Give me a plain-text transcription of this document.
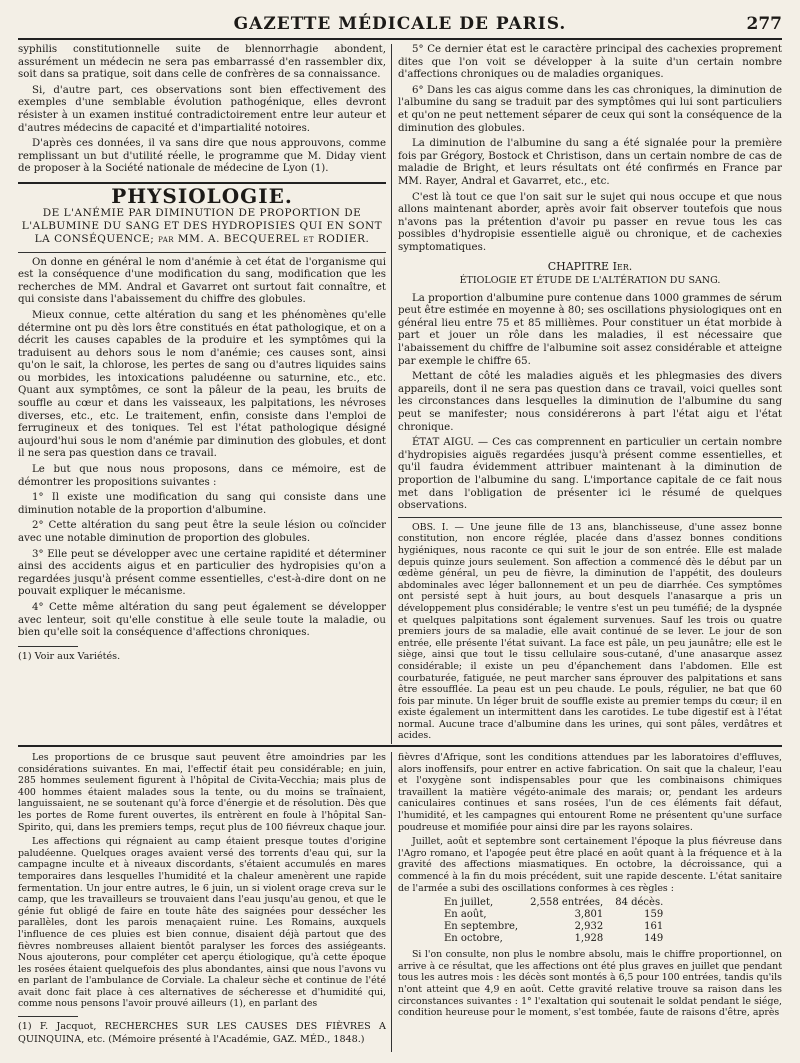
GAZETTE MÉDICALE DE PARIS.	277

syphilis constitutionnelle suite de blennorrhagie abondent, assurément un médecin ne sera pas embarrassé d'en rassembler dix, soit dans sa pratique, soit dans celle de confrères de sa connaissance.

Si, d'autre part, ces observations sont bien effectivement des exemples d'une semblable évolution pathogénique, elles devront résister à un examen institué contradictoirement entre leur auteur et d'autres médecins de capacité et d'impartialité notoires.

D'après ces données, il va sans dire que nous approuvons, comme remplissant un but d'utilité réelle, le programme que M. Diday vient de proposer à la Société nationale de médecine de Lyon (1).

PHYSIOLOGIE.
DE L'ANÉMIE PAR DIMINUTION DE PROPORTION DE L'ALBUMINE DU SANG ET DES HYDROPISIES QUI EN SONT LA CONSÉQUENCE; par MM. A. BECQUEREL et RODIER.

On donne en général le nom d'anémie à cet état de l'organisme qui est la conséquence d'une modification du sang, modification que les recherches de MM. Andral et Gavarret ont surtout fait connaître, et qui consiste dans l'abaissement du chiffre des globules.

Mieux connue, cette altération du sang et les phénomènes qu'elle détermine ont pu dès lors être constitués en état pathologique, et on a décrit les causes capables de la produire et les symptômes qui la traduisent au dehors sous le nom d'anémie; ces causes sont, ainsi qu'on le sait, la chlorose, les pertes de sang ou d'autres liquides sains ou morbides, les intoxications paludéenne ou saturnine, etc., etc. Quant aux symptômes, ce sont la pâleur de la peau, les bruits de souffle au cœur et dans les vaisseaux, les palpitations, les névroses diverses, etc., etc. Le traitement, enfin, consiste dans l'emploi de ferrugineux et des toniques. Tel est l'état pathologique désigné aujourd'hui sous le nom d'anémie par diminution des globules, et dont il ne sera pas question dans ce travail.

Le but que nous nous proposons, dans ce mémoire, est de démontrer les propositions suivantes :

1° Il existe une modification du sang qui consiste dans une diminution notable de la proportion d'albumine.

2° Cette altération du sang peut être la seule lésion ou coïncider avec une notable diminution de proportion des globules.

3° Elle peut se développer avec une certaine rapidité et déterminer ainsi des accidents aigus et en particulier des hydropisies qu'on a regardées jusqu'à présent comme essentielles, c'est-à-dire dont on ne pouvait expliquer le mécanisme.

4° Cette même altération du sang peut également se développer avec lenteur, soit qu'elle constitue à elle seule toute la maladie, ou bien qu'elle soit la conséquence d'affections chroniques.

(1) Voir aux Variétés.

5° Ce dernier état est le caractère principal des cachexies proprement dites que l'on voit se développer à la suite d'un certain nombre d'affections chroniques ou de maladies organiques.

6° Dans les cas aigus comme dans les cas chroniques, la diminution de l'albumine du sang se traduit par des symptômes qui lui sont particuliers et qu'on ne peut nettement séparer de ceux qui sont la conséquence de la diminution des globules.

La diminution de l'albumine du sang a été signalée pour la première fois par Grégory, Bostock et Christison, dans un certain nombre de cas de maladie de Bright, et leurs résultats ont été confirmés en France par MM. Rayer, Andral et Gavarret, etc., etc.

C'est là tout ce que l'on sait sur le sujet qui nous occupe et que nous allons maintenant aborder, après avoir fait observer toutefois que nous n'avons pas la prétention d'avoir pu passer en revue tous les cas possibles d'hydropisie essentielle aiguë ou chronique, et de cachexies symptomatiques.

CHAPITRE Ier.
ÉTIOLOGIE ET ÉTUDE DE L'ALTÉRATION DU SANG.

La proportion d'albumine pure contenue dans 1000 grammes de sérum peut être estimée en moyenne à 80; ses oscillations physiologiques ont en général lieu entre 75 et 85 millièmes. Pour constituer un état morbide à part et jouer un rôle dans les maladies, il est nécessaire que l'abaissement du chiffre de l'albumine soit assez considérable et atteigne par exemple le chiffre 65.

Mettant de côté les maladies aiguës et les phlegmasies des divers appareils, dont il ne sera pas question dans ce travail, voici quelles sont les circonstances dans lesquelles la diminution de l'albumine du sang peut se manifester; nous considérerons à part l'état aigu et l'état chronique.

ÉTAT AIGU. — Ces cas comprennent en particulier un certain nombre d'hydropisies aiguës regardées jusqu'à présent comme essentielles, et qu'il faudra évidemment attribuer maintenant à la diminution de proportion de l'albumine du sang. L'importance capitale de ce fait nous met dans l'obligation de présenter ici le résumé de quelques observations.

OBS. I. — Une jeune fille de 13 ans, blanchisseuse, d'une assez bonne constitution, non encore réglée, placée dans d'assez bonnes conditions hygiéniques, nous raconte ce qui suit le jour de son entrée. Elle est malade depuis quinze jours seulement. Son affection a commencé dès le début par un œdème général, un peu de fièvre, la diminution de l'appétit, des douleurs abdominales avec léger ballonnement et un peu de diarrhée. Ces symptômes ont persisté sept à huit jours, au bout desquels l'anasarque a pris un développement plus considérable; le ventre s'est un peu tuméfié; de la dyspnée et quelques palpitations sont également survenues. Sauf les trois ou quatre premiers jours de sa maladie, elle avait continué de se lever. Le jour de son entrée, elle présente l'état suivant. La face est pâle, un peu jaunâtre; elle est le siège, ainsi que tout le tissu cellulaire sous-cutané, d'une anasarque assez considérable; il existe un peu d'épanchement dans l'abdomen. Elle est courbaturée, fatiguée, ne peut marcher sans éprouver des palpitations et sans être essoufflée. La peau est un peu chaude. Le pouls, régulier, ne bat que 60 fois par minute. Un léger bruit de souffle existe au premier temps du cœur; il en existe également un intermittent dans les carotides. Le tube digestif est à l'état normal. Aucune trace d'albumine dans les urines, qui sont pâles, verdâtres et acides.

Les proportions de ce brusque saut peuvent être amoindries par les considérations suivantes. En mai, l'effectif était peu considérable; en juin, 285 hommes seulement figurent à l'hôpital de Civita-Vecchia; mais plus de 400 hommes étaient malades sous la tente, ou du moins se traînaient, languissaient, ne se soutenant qu'à force d'énergie et de résolution. Dès que les portes de Rome furent ouvertes, ils entrèrent en foule à l'hôpital San-Spirito, qui, dans les premiers temps, reçut plus de 100 fiévreux chaque jour.

Les affections qui régnaient au camp étaient presque toutes d'origine paludéenne. Quelques orages avaient versé des torrents d'eau qui, sur la campagne inculte et à niveaux discordants, s'étaient accumulés en mares temporaires dans lesquelles l'humidité et la chaleur amenèrent une rapide fermentation. Un jour entre autres, le 6 juin, un si violent orage creva sur le camp, que les travailleurs se trouvaient dans l'eau jusqu'au genou, et que le génie fut obligé de faire en toute hâte des saignées pour dessécher les parallèles, dont les parois menaçaient ruine. Les Romains, auxquels l'influence de ces pluies est bien connue, disaient déjà partout que des fièvres nombreuses allaient bientôt paralyser les forces des assiégeants. Nous ajouterons, pour compléter cet aperçu étiologique, qu'à cette époque les rosées étaient quelquefois des plus abondantes, ainsi que nous l'avons vu en parlant de l'ambulance de Corviale. La chaleur sèche et continue de l'été avait donc fait place à ces alternatives de sécheresse et d'humidité qui, comme nous pensons l'avoir prouvé ailleurs (1), en parlant des

(1) F. Jacquot, RECHERCHES SUR LES CAUSES DES FIÈVRES A QUINQUINA, etc. (Mémoire présenté à l'Académie, GAZ. MÉD., 1848.)

fièvres d'Afrique, sont les conditions attendues par les laboratoires d'effluves, alors inoffensifs, pour entrer en active fabrication. On sait que la chaleur, l'eau et l'oxygène sont indispensables pour que les combinaisons chimiques travaillent la matière végéto-animale des marais; or, pendant les ardeurs caniculaires continues et sans rosées, l'un de ces éléments fait défaut, l'humidité, et les campagnes qui entourent Rome ne présentent qu'une surface poudreuse et momifiée pour ainsi dire par les rayons solaires.

Juillet, août et septembre sont certainement l'époque la plus fiévreuse dans l'Agro romano, et l'apogée peut être placé en août quant à la fréquence et à la gravité des affections miasmatiques. En octobre, la décroissance, qui a commencé à la fin du mois précédent, suit une rapide descente. L'état sanitaire de l'armée a subi des oscillations conformes à ces règles :

En juillet,	2,558 entrées,	84 décès.
En août,	3,801	159
En septembre,	2,932	161
En octobre,	1,928	149

Si l'on consulte, non plus le nombre absolu, mais le chiffre proportionnel, on arrive à ce résultat, que les affections ont été plus graves en juillet que pendant tous les autres mois : les décès sont montés à 6,5 pour 100 entrées, tandis qu'ils n'ont atteint que 4,9 en août. Cette gravité relative trouve sa raison dans les circonstances suivantes : 1° l'exaltation qui soutenait le soldat pendant le siége, condition heureuse pour le moment, s'est tombée, faute de raisons d'être, après
